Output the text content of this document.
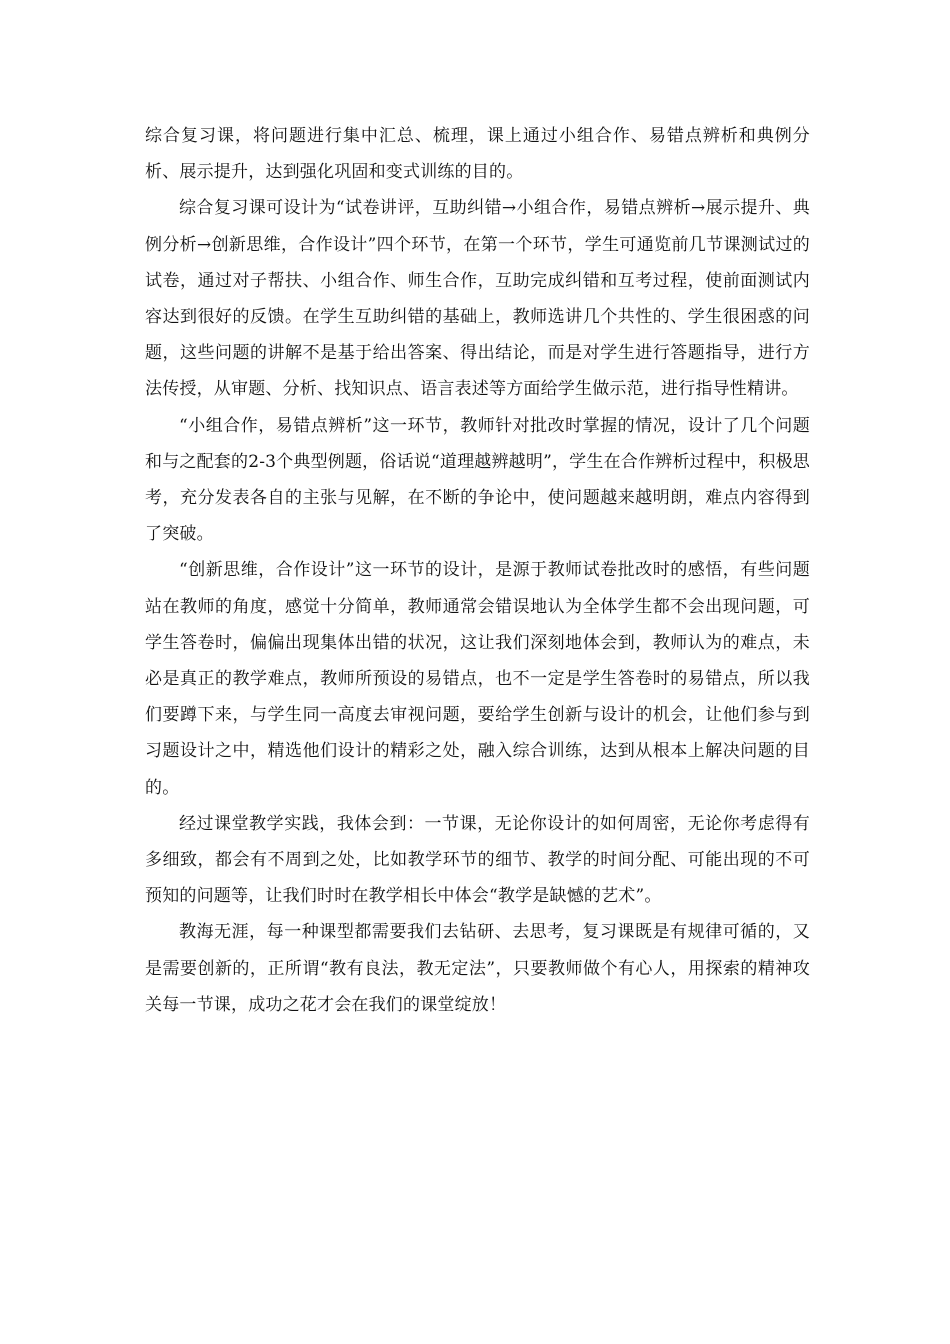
综合复习课，将问题进行集中汇总、梳理，课上通过小组合作、易错点辨析和典例分析、展示提升，达到强化巩固和变式训练的目的。

综合复习课可设计为“试卷讲评，互助纠错→小组合作，易错点辨析→展示提升、典例分析→创新思维，合作设计”四个环节，在第一个环节，学生可通览前几节课测试过的试卷，通过对子帮扶、小组合作、师生合作，互助完成纠错和互考过程，使前面测试内容达到很好的反馈。在学生互助纠错的基础上，教师选讲几个共性的、学生很困惑的问题，这些问题的讲解不是基于给出答案、得出结论，而是对学生进行答题指导，进行方法传授，从审题、分析、找知识点、语言表述等方面给学生做示范，进行指导性精讲。

“小组合作，易错点辨析”这一环节，教师针对批改时掌握的情况，设计了几个问题和与之配套的2-3个典型例题，俗话说“道理越辨越明”，学生在合作辨析过程中，积极思考，充分发表各自的主张与见解，在不断的争论中，使问题越来越明朗，难点内容得到了突破。

“创新思维，合作设计”这一环节的设计，是源于教师试卷批改时的感悟，有些问题站在教师的角度，感觉十分简单，教师通常会错误地认为全体学生都不会出现问题，可学生答卷时，偏偏出现集体出错的状况，这让我们深刻地体会到，教师认为的难点，未必是真正的教学难点，教师所预设的易错点，也不一定是学生答卷时的易错点，所以我们要蹲下来，与学生同一高度去审视问题，要给学生创新与设计的机会，让他们参与到习题设计之中，精选他们设计的精彩之处，融入综合训练，达到从根本上解决问题的目的。

经过课堂教学实践，我体会到：一节课，无论你设计的如何周密，无论你考虑得有多细致，都会有不周到之处，比如教学环节的细节、教学的时间分配、可能出现的不可预知的问题等，让我们时时在教学相长中体会“教学是缺憾的艺术”。

教海无涯，每一种课型都需要我们去钻研、去思考，复习课既是有规律可循的，又是需要创新的，正所谓“教有良法，教无定法”，只要教师做个有心人，用探索的精神攻关每一节课，成功之花才会在我们的课堂绽放！
